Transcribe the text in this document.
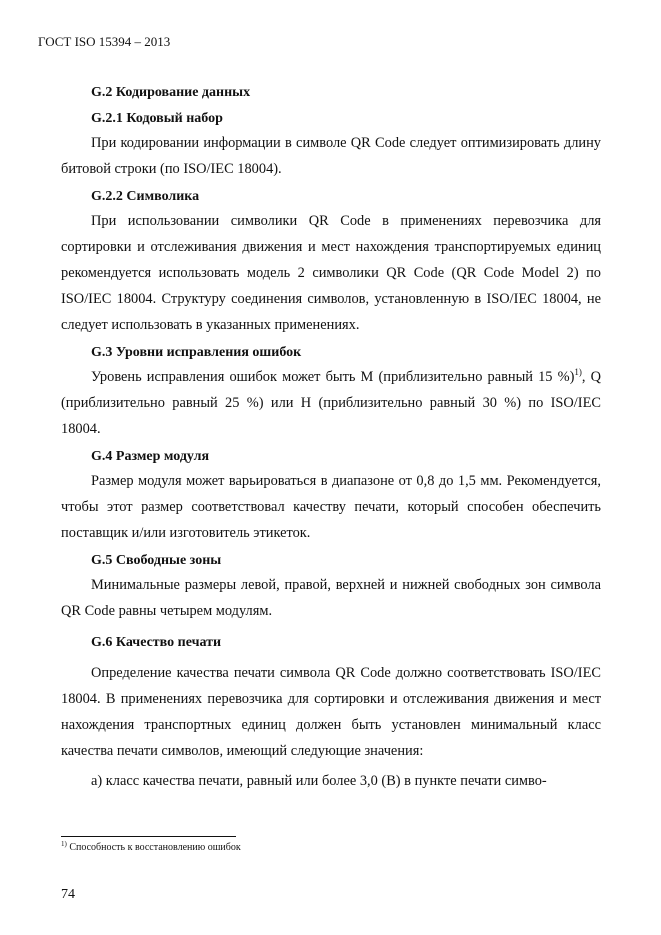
ГОСТ ISO 15394 – 2013

G.2 Кодирование данных

G.2.1 Кодовый набор

При кодировании информации в символе QR Code следует оптимизировать длину битовой строки (по ISO/IEC 18004).

G.2.2 Символика

При использовании символики QR Code в применениях перевозчика для сортировки и отслеживания движения и мест нахождения транспортируемых единиц рекомендуется использовать модель 2 символики QR Code (QR Code Model 2) по ISO/IEC 18004. Структуру соединения символов, установленную в ISO/IEC 18004, не следует использовать в указанных применениях.

G.3 Уровни исправления ошибок

Уровень исправления ошибок может быть M (приблизительно равный 15 %)$^{1)}$, Q (приблизительно равный 25 %) или H (приблизительно равный 30 %) по ISO/IEC 18004.

G.4 Размер модуля

Размер модуля может варьироваться в диапазоне от 0,8 до 1,5 мм. Рекомендуется, чтобы этот размер соответствовал качеству печати, который способен обеспечить поставщик и/или изготовитель этикеток.

G.5 Свободные зоны

Минимальные размеры левой, правой, верхней и нижней свободных зон символа QR Code равны четырем модулям.

G.6 Качество печати

Определение качества печати символа QR Code должно соответствовать ISO/IEC 18004. В применениях перевозчика для сортировки и отслеживания движения и мест нахождения транспортных единиц должен быть установлен минимальный класс качества печати символов, имеющий следующие значения:

a) класс качества печати, равный или более 3,0 (B) в пункте печати симво-

$^{1)}$ Способность к восстановлению ошибок
74
